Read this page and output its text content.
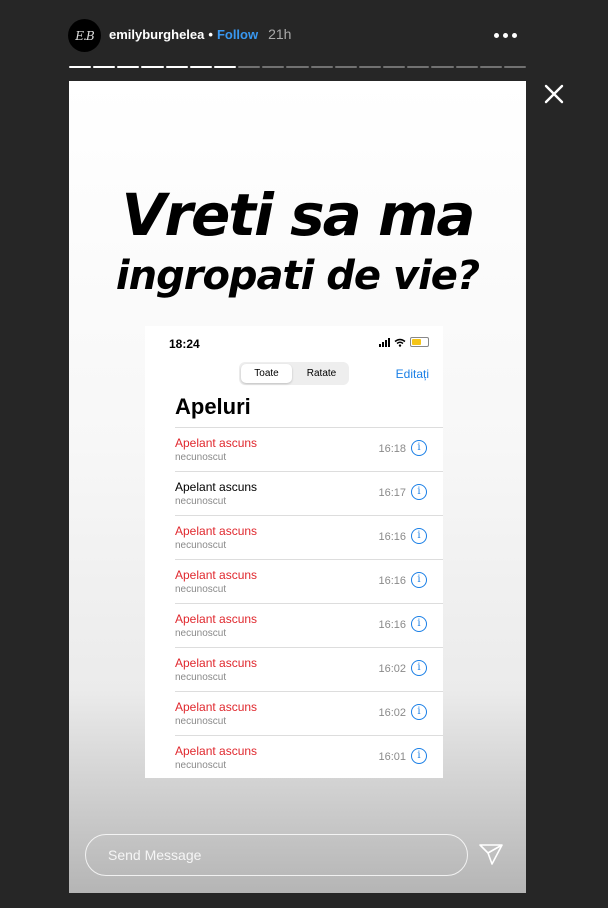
E.B emilyburghelea • Follow 21h
Vreti sa ma
ingropati de vie?
18:24
Toate	Ratate	Editați
Apeluri
Apelant ascuns
necunoscut
16:18	i
Apelant ascuns
necunoscut
16:17	i
Apelant ascuns
necunoscut
16:16	i
Apelant ascuns
necunoscut
16:16	i
Apelant ascuns
necunoscut
16:16	i
Apelant ascuns
necunoscut
16:02	i
Apelant ascuns
necunoscut
16:02	i
Apelant ascuns
necunoscut
16:01	i
Send Message
